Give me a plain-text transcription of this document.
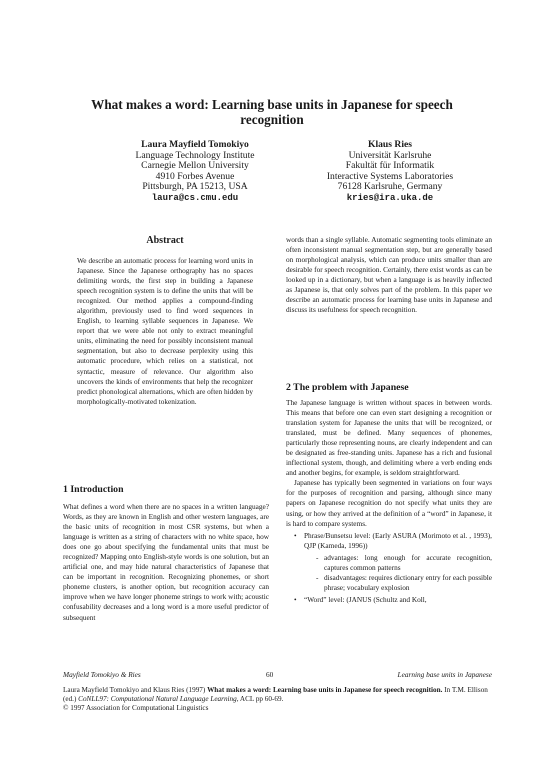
What makes a word: Learning base units in Japanese for speech recognition
Laura Mayfield Tomokiyo
Language Technology Institute
Carnegie Mellon University
4910 Forbes Avenue
Pittsburgh, PA 15213, USA
laura@cs.cmu.edu
Klaus Ries
Universität Karlsruhe
Fakultät für Informatik
Interactive Systems Laboratories
76128 Karlsruhe, Germany
kries@ira.uka.de
Abstract

We describe an automatic process for learning word units in Japanese. Since the Japanese orthography has no spaces delimiting words, the first step in building a Japanese speech recognition system is to define the units that will be recognized. Our method applies a compound-finding algorithm, previously used to find word sequences in English, to learning syllable sequences in Japanese. We report that we were able not only to extract meaningful units, eliminating the need for possibly inconsistent manual segmentation, but also to decrease perplexity using this automatic procedure, which relies on a statistical, not syntactic, measure of relevance. Our algorithm also uncovers the kinds of environments that help the recognizer predict phonological alternations, which are often hidden by morphologically-motivated tokenization.

1 Introduction

What defines a word when there are no spaces in a written language? Words, as they are known in English and other western languages, are the basic units of recognition in most CSR systems, but when a language is written as a string of characters with no white space, how does one go about specifying the fundamental units that must be recognized? Mapping onto English-style words is one solution, but an artificial one, and may hide natural characteristics of Japanese that can be important in recognition. Recognizing phonemes, or short phoneme clusters, is another option, but recognition accuracy can improve when we have longer phoneme strings to work with; acoustic confusability decreases and a long word is a more useful predictor of subsequent

words than a single syllable. Automatic segmenting tools eliminate an often inconsistent manual segmentation step, but are generally based on morphological analysis, which can produce units smaller than are desirable for speech recognition. Certainly, there exist words as can be looked up in a dictionary, but when a language is as heavily inflected as Japanese is, that only solves part of the problem. In this paper we describe an automatic process for learning base units in Japanese and discuss its usefulness for speech recognition.

2 The problem with Japanese

The Japanese language is written without spaces in between words. This means that before one can even start designing a recognition or translation system for Japanese the units that will be recognized, or translated, must be defined. Many sequences of phonemes, particularly those representing nouns, are clearly independent and can be designated as free-standing units. Japanese has a rich and fusional inflectional system, though, and delimiting where a verb ending ends and another begins, for example, is seldom straightforward.

Japanese has typically been segmented in variations on four ways for the purposes of recognition and parsing, although since many papers on Japanese recognition do not specify what units they are using, or how they arrived at the definition of a “word” in Japanese, it is hard to compare systems.

• Phrase/Bunsetsu level: (Early ASURA (Morimoto et al. , 1993), QJP (Kameda, 1996))
- advantages: long enough for accurate recognition, captures common patterns
- disadvantages: requires dictionary entry for each possible phrase; vocabulary explosion
• “Word” level: (JANUS (Schultz and Koll,
Mayfield Tomokiyo & Ries	60	Learning base units in Japanese
Laura Mayfield Tomokiyo and Klaus Ries (1997) What makes a word: Learning base units in Japanese for speech recognition. In T.M. Ellison (ed.) CoNLL97: Computational Natural Language Learning, ACL pp 60-69.
© 1997 Association for Computational Linguistics
